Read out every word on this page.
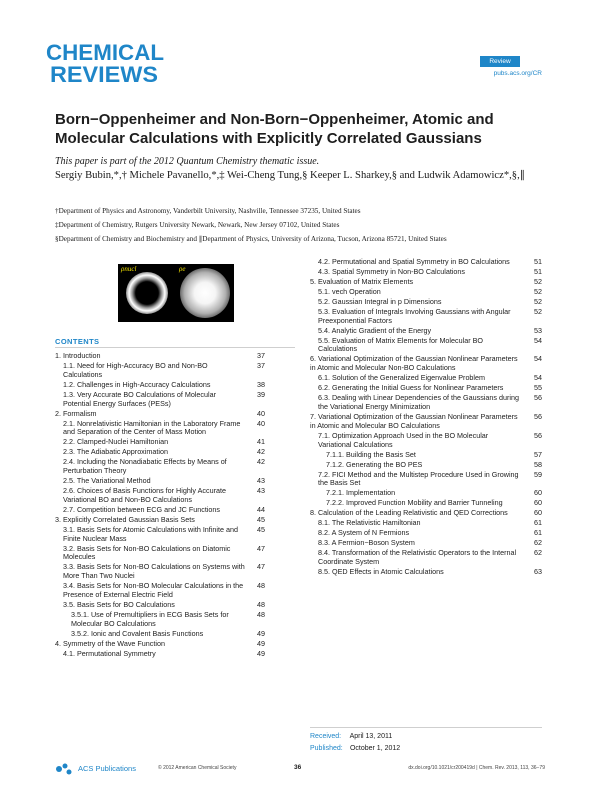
CHEMICAL
REVIEWS
Review
pubs.acs.org/CR
Born−Oppenheimer and Non-Born−Oppenheimer, Atomic and Molecular Calculations with Explicitly Correlated Gaussians
This paper is part of the 2012 Quantum Chemistry thematic issue.
Sergiy Bubin,*,† Michele Pavanello,*,‡ Wei-Cheng Tung,§ Keeper L. Sharkey,§ and Ludwik Adamowicz*,§,∥
†Department of Physics and Astronomy, Vanderbilt University, Nashville, Tennessee 37235, United States
‡Department of Chemistry, Rutgers University Newark, Newark, New Jersey 07102, United States
§Department of Chemistry and Biochemistry and ∥Department of Physics, University of Arizona, Tucson, Arizona 85721, United States
ρnucl	ρe
CONTENTS
1. Introduction	37
1.1. Need for High-Accuracy BO and Non-BO Calculations
37
1.2. Challenges in High-Accuracy Calculations	38
1.3. Very Accurate BO Calculations of Molecular Potential Energy Surfaces (PESs)
39
2. Formalism	40
2.1. Nonrelativistic Hamiltonian in the Laboratory Frame and Separation of the Center of Mass Motion
40
2.2. Clamped-Nuclei Hamiltonian	41
2.3. The Adiabatic Approximation	42
2.4. Including the Nonadiabatic Effects by Means of Perturbation Theory
42
2.5. The Variational Method	43
2.6. Choices of Basis Functions for Highly Accurate Variational BO and Non-BO Calculations
43
2.7. Competition between ECG and JC Functions	44
3. Explicitly Correlated Gaussian Basis Sets	45
3.1. Basis Sets for Atomic Calculations with Infinite and Finite Nuclear Mass
45
3.2. Basis Sets for Non-BO Calculations on Diatomic Molecules
47
3.3. Basis Sets for Non-BO Calculations on Systems with More Than Two Nuclei
47
3.4. Basis Sets for Non-BO Molecular Calculations in the Presence of External Electric Field
48
3.5. Basis Sets for BO Calculations	48
3.5.1. Use of Premultipliers in ECG Basis Sets for Molecular BO Calculations
48
3.5.2. Ionic and Covalent Basis Functions	49
4. Symmetry of the Wave Function	49
4.1. Permutational Symmetry	49
4.2. Permutational and Spatial Symmetry in BO Calculations	51
4.3. Spatial Symmetry in Non-BO Calculations	51
5. Evaluation of Matrix Elements	52
5.1. vech Operation	52
5.2. Gaussian Integral in p Dimensions	52
5.3. Evaluation of Integrals Involving Gaussians with Angular Preexponential Factors
52
5.4. Analytic Gradient of the Energy	53
5.5. Evaluation of Matrix Elements for Molecular BO Calculations
54
6. Variational Optimization of the Gaussian Nonlinear Parameters in Atomic and Molecular Non-BO Calculations
54
6.1. Solution of the Generalized Eigenvalue Problem	54
6.2. Generating the Initial Guess for Nonlinear Parameters	55
6.3. Dealing with Linear Dependencies of the Gaussians during the Variational Energy Minimization
56
7. Variational Optimization of the Gaussian Nonlinear Parameters in Atomic and Molecular BO Calculations
56
7.1. Optimization Approach Used in the BO Molecular Variational Calculations
56
7.1.1. Building the Basis Set	57
7.1.2. Generating the BO PES	58
7.2. FICI Method and the Multistep Procedure Used in Growing the Basis Set
59
7.2.1. Implementation	60
7.2.2. Improved Function Mobility and Barrier Tunneling	60
8. Calculation of the Leading Relativistic and QED Corrections	60
8.1. The Relativistic Hamiltonian	61
8.2. A System of N Fermions	61
8.3. A Fermion−Boson System	62
8.4. Transformation of the Relativistic Operators to the Internal Coordinate System
62
8.5. QED Effects in Atomic Calculations	63
Received: April 13, 2011
Published: October 1, 2012
ACS Publications	© 2012 American Chemical Society	36	dx.doi.org/10.1021/cr200419d | Chem. Rev. 2013, 113, 36−79
